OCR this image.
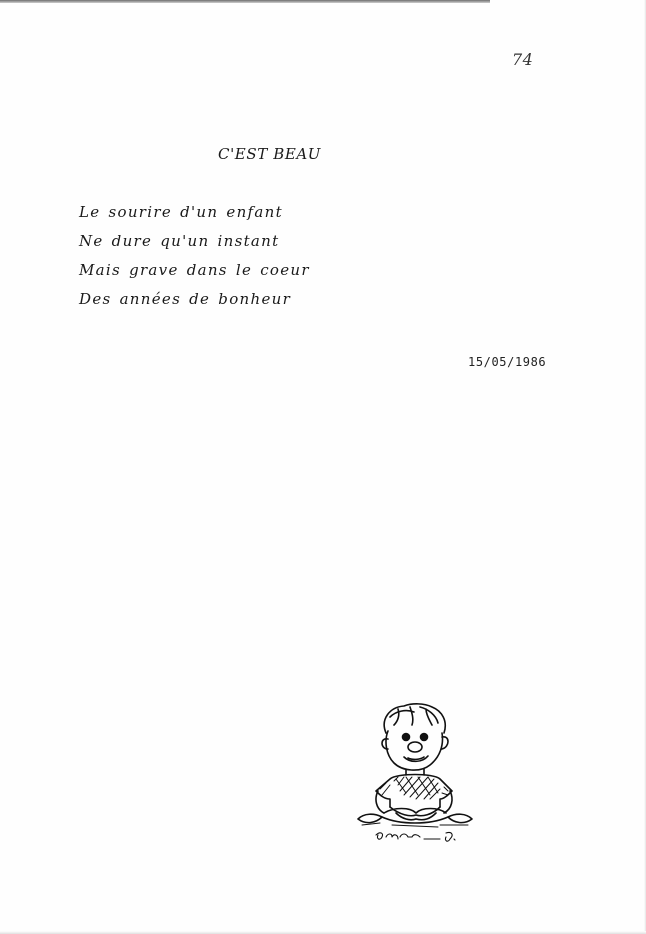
74
C'EST BEAU
Le sourire d'un enfant
Ne dure qu'un instant
Mais grave dans le coeur
Des années de bonheur
15/05/1986
